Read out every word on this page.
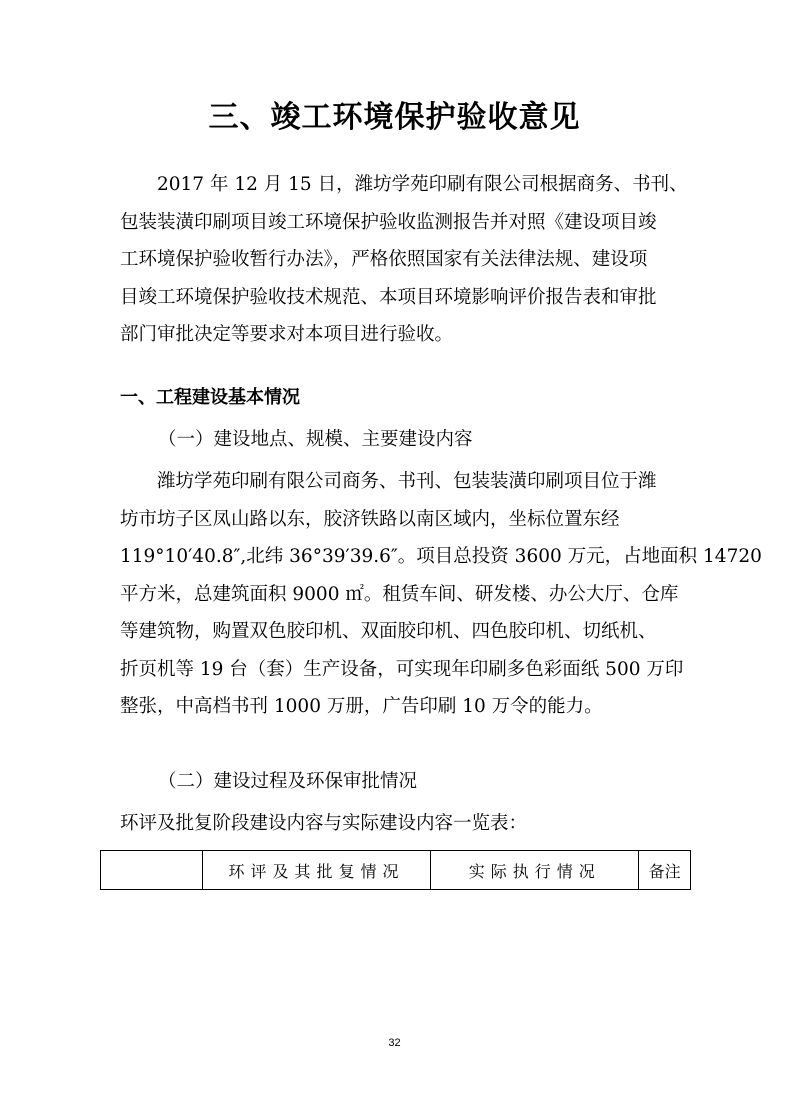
三、竣工环境保护验收意见
2017 年 12 月 15 日，潍坊学苑印刷有限公司根据商务、书刊、
包装装潢印刷项目竣工环境保护验收监测报告并对照《建设项目竣
工环境保护验收暂行办法》，严格依照国家有关法律法规、建设项
目竣工环境保护验收技术规范、本项目环境影响评价报告表和审批
部门审批决定等要求对本项目进行验收。
一、工程建设基本情况
（一）建设地点、规模、主要建设内容
潍坊学苑印刷有限公司商务、书刊、包装装潢印刷项目位于潍
坊市坊子区凤山路以东，胶济铁路以南区域内，坐标位置东经
119°10′40.8″,北纬 36°39′39.6″。项目总投资 3600 万元，占地面积 14720
平方米，总建筑面积 9000 ㎡。租赁车间、研发楼、办公大厅、仓库
等建筑物，购置双色胶印机、双面胶印机、四色胶印机、切纸机、
折页机等 19 台（套）生产设备，可实现年印刷多色彩面纸 500 万印
整张，中高档书刊 1000 万册，广告印刷 10 万令的能力。
（二）建设过程及环保审批情况
环评及批复阶段建设内容与实际建设内容一览表：
	环评及其批复情况	实际执行情况	备注
32
